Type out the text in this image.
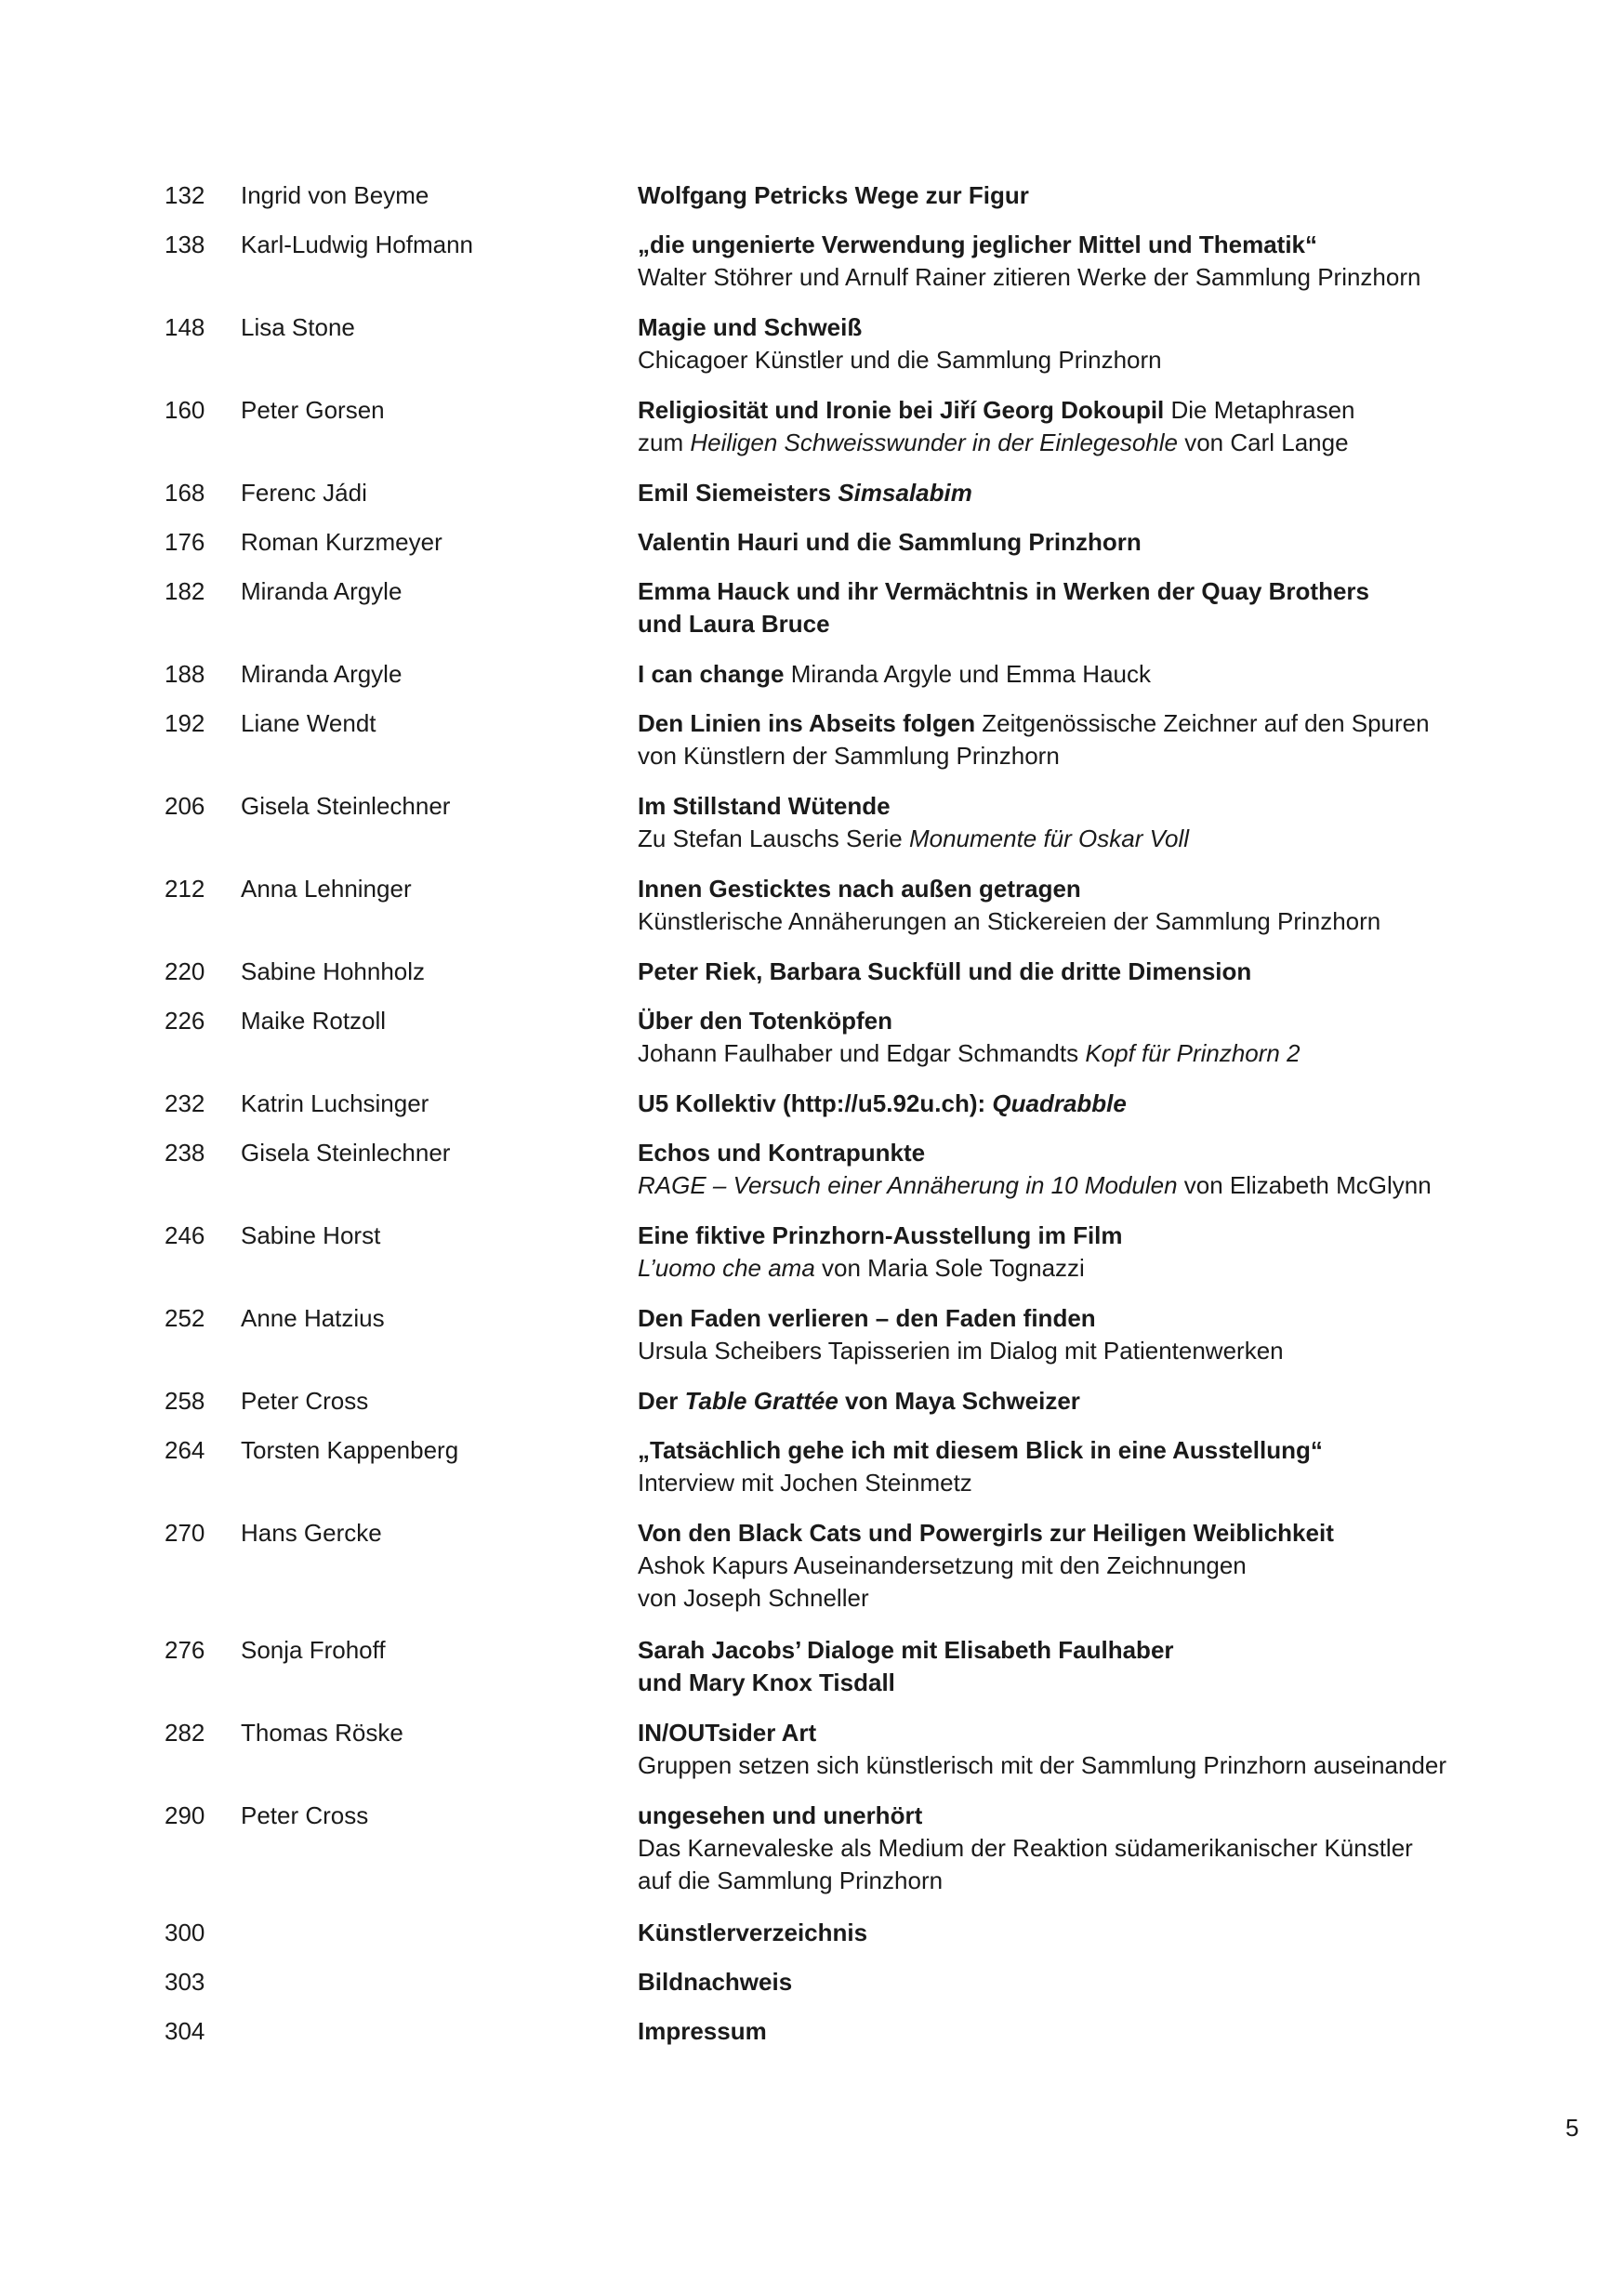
132 Ingrid von Beyme	Wolfgang Petricks Wege zur Figur
138 Karl-Ludwig Hofmann	„die ungenierte Verwendung jeglicher Mittel und Thematik“
Walter Stöhrer und Arnulf Rainer zitieren Werke der Sammlung Prinzhorn
148 Lisa Stone	Magie und Schweiß
Chicagoer Künstler und die Sammlung Prinzhorn
160 Peter Gorsen	Religiosität und Ironie bei Jiří Georg Dokoupil Die Metaphrasen
zum Heiligen Schweisswunder in der Einlegesohle von Carl Lange
168 Ferenc Jádi	Emil Siemeisters Simsalabim
176 Roman Kurzmeyer	Valentin Hauri und die Sammlung Prinzhorn
182 Miranda Argyle	Emma Hauck und ihr Vermächtnis in Werken der Quay Brothers
und Laura Bruce
188 Miranda Argyle	I can change Miranda Argyle und Emma Hauck
192 Liane Wendt	Den Linien ins Abseits folgen Zeitgenössische Zeichner auf den Spuren
von Künstlern der Sammlung Prinzhorn
206 Gisela Steinlechner	Im Stillstand Wütende
Zu Stefan Lauschs Serie Monumente für Oskar Voll
212 Anna Lehninger	Innen Gesticktes nach außen getragen
Künstlerische Annäherungen an Stickereien der Sammlung Prinzhorn
220 Sabine Hohnholz	Peter Riek, Barbara Suckfüll und die dritte Dimension
226 Maike Rotzoll	Über den Totenköpfen
Johann Faulhaber und Edgar Schmandts Kopf für Prinzhorn 2
232 Katrin Luchsinger	U5 Kollektiv (http://u5.92u.ch): Quadrabble
238 Gisela Steinlechner	Echos und Kontrapunkte
RAGE – Versuch einer Annäherung in 10 Modulen von Elizabeth McGlynn
246 Sabine Horst	Eine fiktive Prinzhorn-Ausstellung im Film
L’uomo che ama von Maria Sole Tognazzi
252 Anne Hatzius	Den Faden verlieren – den Faden finden
Ursula Scheibers Tapisserien im Dialog mit Patientenwerken
258 Peter Cross	Der Table Grattée von Maya Schweizer
264 Torsten Kappenberg	„Tatsächlich gehe ich mit diesem Blick in eine Ausstellung“
Interview mit Jochen Steinmetz
270 Hans Gercke	Von den Black Cats und Powergirls zur Heiligen Weiblichkeit
Ashok Kapurs Auseinandersetzung mit den Zeichnungen
von Joseph Schneller
276 Sonja Frohoff	Sarah Jacobs’ Dialoge mit Elisabeth Faulhaber
und Mary Knox Tisdall
282 Thomas Röske	IN/OUTsider Art
Gruppen setzen sich künstlerisch mit der Sammlung Prinzhorn auseinander
290 Peter Cross	ungesehen und unerhört
Das Karnevaleske als Medium der Reaktion südamerikanischer Künstler
auf die Sammlung Prinzhorn
300	Künstlerverzeichnis
303	Bildnachweis
304	Impressum
5
